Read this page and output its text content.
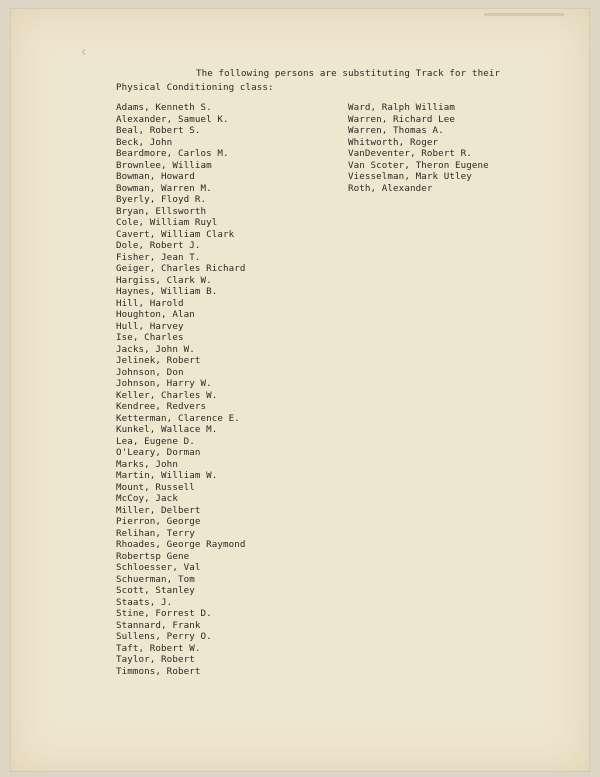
‹
The following persons are substituting Track for their
Physical Conditioning class:
Adams, Kenneth S.
Alexander, Samuel K.
Beal, Robert S.
Beck, John
Beardmore, Carlos M.
Brownlee, William
Bowman, Howard
Bowman, Warren M.
Byerly, Floyd R.
Bryan, Ellsworth
Cole, William Ruyl
Cavert, William Clark
Dole, Robert J.
Fisher, Jean T.
Geiger, Charles Richard
Hargiss, Clark W.
Haynes, William B.
Hill, Harold
Houghton, Alan
Hull, Harvey
Ise, Charles
Jacks, John W.
Jelinek, Robert
Johnson, Don
Johnson, Harry W.
Keller, Charles W.
Kendree, Redvers
Ketterman, Clarence E.
Kunkel, Wallace M.
Lea, Eugene D.
O'Leary, Dorman
Marks, John
Martin, William W.
Mount, Russell
McCoy, Jack
Miller, Delbert
Pierron, George
Relihan, Terry
Rhoades, George Raymond
Robertsp Gene
Schloesser, Val
Schuerman, Tom
Scott, Stanley
Staats, J.
Stine, Forrest D.
Stannard, Frank
Sullens, Perry O.
Taft, Robert W.
Taylor, Robert
Timmons, Robert
Ward, Ralph William
Warren, Richard Lee
Warren, Thomas A.
Whitworth, Roger
VanDeventer, Robert R.
Van Scoter, Theron Eugene
Viesselman, Mark Utley
Roth, Alexander
